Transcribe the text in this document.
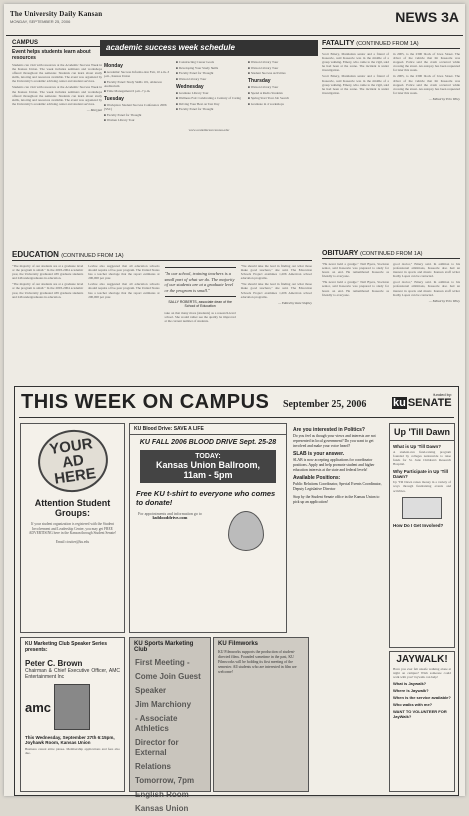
The University Daily Kansan
MONDAY, SEPTEMBER 25, 2006	NEWS 3A
CAMPUS
Event helps students learn about resources
Students can visit with resources at the Academic Success Week in the Kansas Union. The week includes seminars and workshops offered throughout the semester. Students can learn about study skills, tutoring and resources available. The event was organized by the University's academic advising center and student services.
Students can visit with resources at the Academic Success Week in the Kansas Union. The week includes seminars and workshops offered throughout the semester. Students can learn about study skills, tutoring and resources available. The event was organized by the University's academic advising center and student services.
— Marypat
academic success week schedule
Monday
■ Academic Success Informa-tion Fair, 10 a.m.-3 p.m., Kansas Union
■ Faculty Panel: Study Skills 101, Alderson Auditorium
■ Time Management 6 p.m.-7 p.m.
Tuesday
■ Workplace Student Success Conference 2006 (SSC)
■ Faculty Panel for Thought
■ Women Library Tour
■ Constructing Career Goals
■ Developing Your Study Skills
■ Faculty Panel for Thought
■ Watson Library Tour
Wednesday
■ Graduate Library Tour
■ Wellness Fair: Celebrating a Century of Caring
■ Driving Your Best on Test Day
■ Faculty Panel for Thought
■ Watson Library Tour
■ Watson Library Tour
■ Student Success Activities
Thursday
■ Watson Library Tour
■ Spend A Radio Students
■ Spring Start Your Job Search
■ Graduate in 4 workshops
www.academicsuccess.ku.edu/
FATALITY (CONTINUED FROM 1A)
Scott Emery, Manhattan senior and a friend of Kaseorle, said Kaseorle was in the middle of a group walking. Emery, who came to the vigil, said he had been at the scene. The incident is under investigation.
Scott Emery, Manhattan senior and a friend of Kaseorle, said Kaseorle was in the middle of a group walking. Emery, who came to the vigil, said he had been at the scene. The incident is under investigation.
in 2005, to the 2300 block of Iowa Street. The driver of the vehicle that hit Kaseorle was stopped. Police said the crash occurred while crossing the street. An autopsy has been requested for later this week.
in 2005, to the 2300 block of Iowa Street. The driver of the vehicle that hit Kaseorle was stopped. Police said the crash occurred while crossing the street. An autopsy has been requested for later this week.
— Edited by Erin Wiley
EDUCATION (CONTINUED FROM 1A)
"The majority of our students are at a graduate level or the program is small." In the 2003-2004 academic year, the University graduated 439 graduate students and 246 undergraduates in education.
"The majority of our students are at a graduate level or the program is small." In the 2003-2004 academic year, the University graduated 439 graduate students and 246 undergraduates in education.
Levine also suggested that all education schools should require a five-year program. The United States has a teacher shortage that the report estimates at 200,000 per year.
Levine also suggested that all education schools should require a five-year program. The United States has a teacher shortage that the report estimates at 200,000 per year.
"In our school, training teachers is a small part of what we do. The majority of our students are at a graduate level or the program is small."
SALLY ROBERTS, associate dean of the School of Education
take on that many more (students) as a research-level school. She would rather see the quality be improved at the current number of students.
"We should take the lead in finding out what those make good teachers," she said. The Education Schools Project examines 1,206 American school education programs.
"We should take the lead in finding out what those make good teachers," she said. The Education Schools Project examines 1,206 American school education programs.
— Edited by Kate Shipley
OBITUARY (CONTINUED FROM 1A)
"He never held a grudge." Neil Byers, Stockton senior, said Kaseorle was prepared to study for hours on end. He remembered Kaseorle as friendly to everyone.
"He never held a grudge." Neil Byers, Stockton senior, said Kaseorle was prepared to study for hours on end. He remembered Kaseorle as friendly to everyone.
good doctor," Emery said. In addition to his professional ambitions, Kaseorle also had an interest in sports and music. Kansan staff writer Kathy Lopez can be contacted.
good doctor," Emery said. In addition to his professional ambitions, Kaseorle also had an interest in sports and music. Kansan staff writer Kathy Lopez can be contacted.
— Edited by Erin Wiley
THIS WEEK ON CAMPUS September 25, 2006
funded by:
ku SENATE
YOUR AD HERE
Attention Student Groups:
If your student organization is registered with the Student Involvement and Leadership Center, you may get FREE ADVERTISING here in the Kansan through Student Senate!
Email ctcutter@ku.edu
KU Blood Drive: SAVE A LIFE
KU FALL 2006 BLOOD DRIVE Sept. 25-28
TODAY:
Kansas Union Ballroom,
11am - 5pm
Free KU t-shirt to everyone who comes to donate!
For appointments and information go to
kublooddrive.com
Are you interested in Politics?
Do you feel as though your views and interests are not represented in local government? Do you want to get involved and make your voice heard?
SLAB is your answer.
SLAB is now accepting applications for coordinator positions. Apply and help promote student and higher education interests at the state and federal levels!
Available Positions:
Public Relations Coordinator, Special Events Coordinator, Deputy Legislative Director
Stop by the Student Senate office in the Kansas Union to pick up an application!
Up 'Till Dawn
What is Up 'Till Dawn?
A student-run fund-raising program founded by colleges nationwide to raise funds for St. Jude Children's Research Hospital.
Why Participate in Up 'Till Dawn?
Up 'Till Dawn raises money in a variety of ways through fundraising events and activities.
How Do I Get Involved?
KU Marketing Club Speaker Series presents:
Peter C. Brown
Chairman & Chief Executive Officer, AMC Entertainment Inc
amc
This Wednesday, September 27th 6:15pm, Joyhawk Room, Kansas Union
Business casual attire please. Membership applications and fees also due.
KU Sports Marketing Club
First Meeting -
Come Join Guest
Speaker
Jim Marchiony
- Associate Athletics
Director for External
Relations
Tomorrow, 7pm
English Room
Kansas Union
KU Filmworks
KU Filmworks supports the production of student-directed films. Founded sometime in the past, KU Filmworks will be holding its first meeting of the semester. All students who are interested in film are welcome!
JAYWALK!
Have you ever felt unsafe walking alone at night on campus? Wish someone could walk with you? Jaywalk can help!
What is Jaywalk?
Where is Jaywalk?
When is the service available?
Who walks with me?
WANT TO VOLUNTEER FOR JayWalk?
